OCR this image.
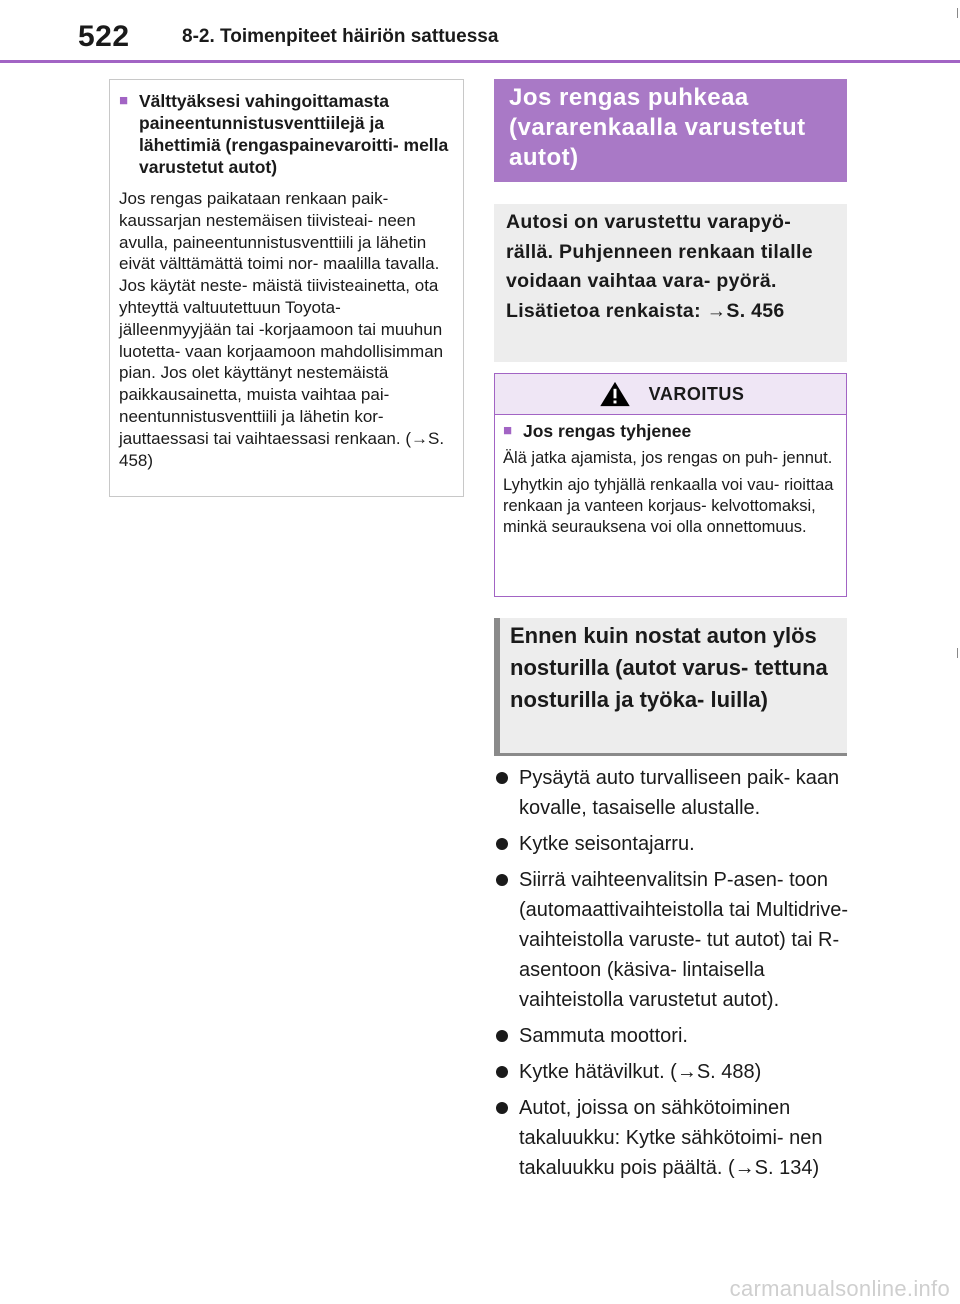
522	8-2. Toimenpiteet häiriön sattuessa
■ Välttyäksesi vahingoittamasta paineentunnistusventtiilejä ja lähettimiä (rengaspainevaroitti- mella varustetut autot)
Jos rengas paikataan renkaan paik- kaussarjan nestemäisen tiivisteai- neen avulla, paineentunnistusventtiili ja lähetin eivät välttämättä toimi nor- maalilla tavalla. Jos käytät neste- mäistä tiivisteainetta, ota yhteyttä valtuutettuun Toyota-jälleenmyyjään tai -korjaamoon tai muuhun luotetta- vaan korjaamoon mahdollisimman pian. Jos olet käyttänyt nestemäistä paikkausainetta, muista vaihtaa pai- neentunnistusventtiili ja lähetin kor- jauttaessasi tai vaihtaessasi renkaan. (→S. 458)
Jos rengas puhkeaa (vararenkaalla varustetut autot)
Autosi on varustettu varapyö- rällä. Puhjenneen renkaan tilalle voidaan vaihtaa vara- pyörä.
Lisätietoa renkaista: →S. 456
VAROITUS
■ Jos rengas tyhjenee

Älä jatka ajamista, jos rengas on puh- jennut.

Lyhytkin ajo tyhjällä renkaalla voi vau- rioittaa renkaan ja vanteen korjaus- kelvottomaksi, minkä seurauksena voi olla onnettomuus.

Ennen kuin nostat auton ylös nosturilla (autot varus- tettuna nosturilla ja työka- luilla)
Pysäytä auto turvalliseen paik- kaan kovalle, tasaiselle alustalle.
Kytke seisontajarru.
Siirrä vaihteenvalitsin P-asen- toon (automaattivaihteistolla tai Multidrive-vaihteistolla varuste- tut autot) tai R-asentoon (käsiva- lintaisella vaihteistolla varustetut autot).
Sammuta moottori.
Kytke hätävilkut. (→S. 488)
Autot, joissa on sähkötoiminen takaluukku: Kytke sähkötoimi- nen takaluukku pois päältä. (→S. 134)
carmanualsonline.info
